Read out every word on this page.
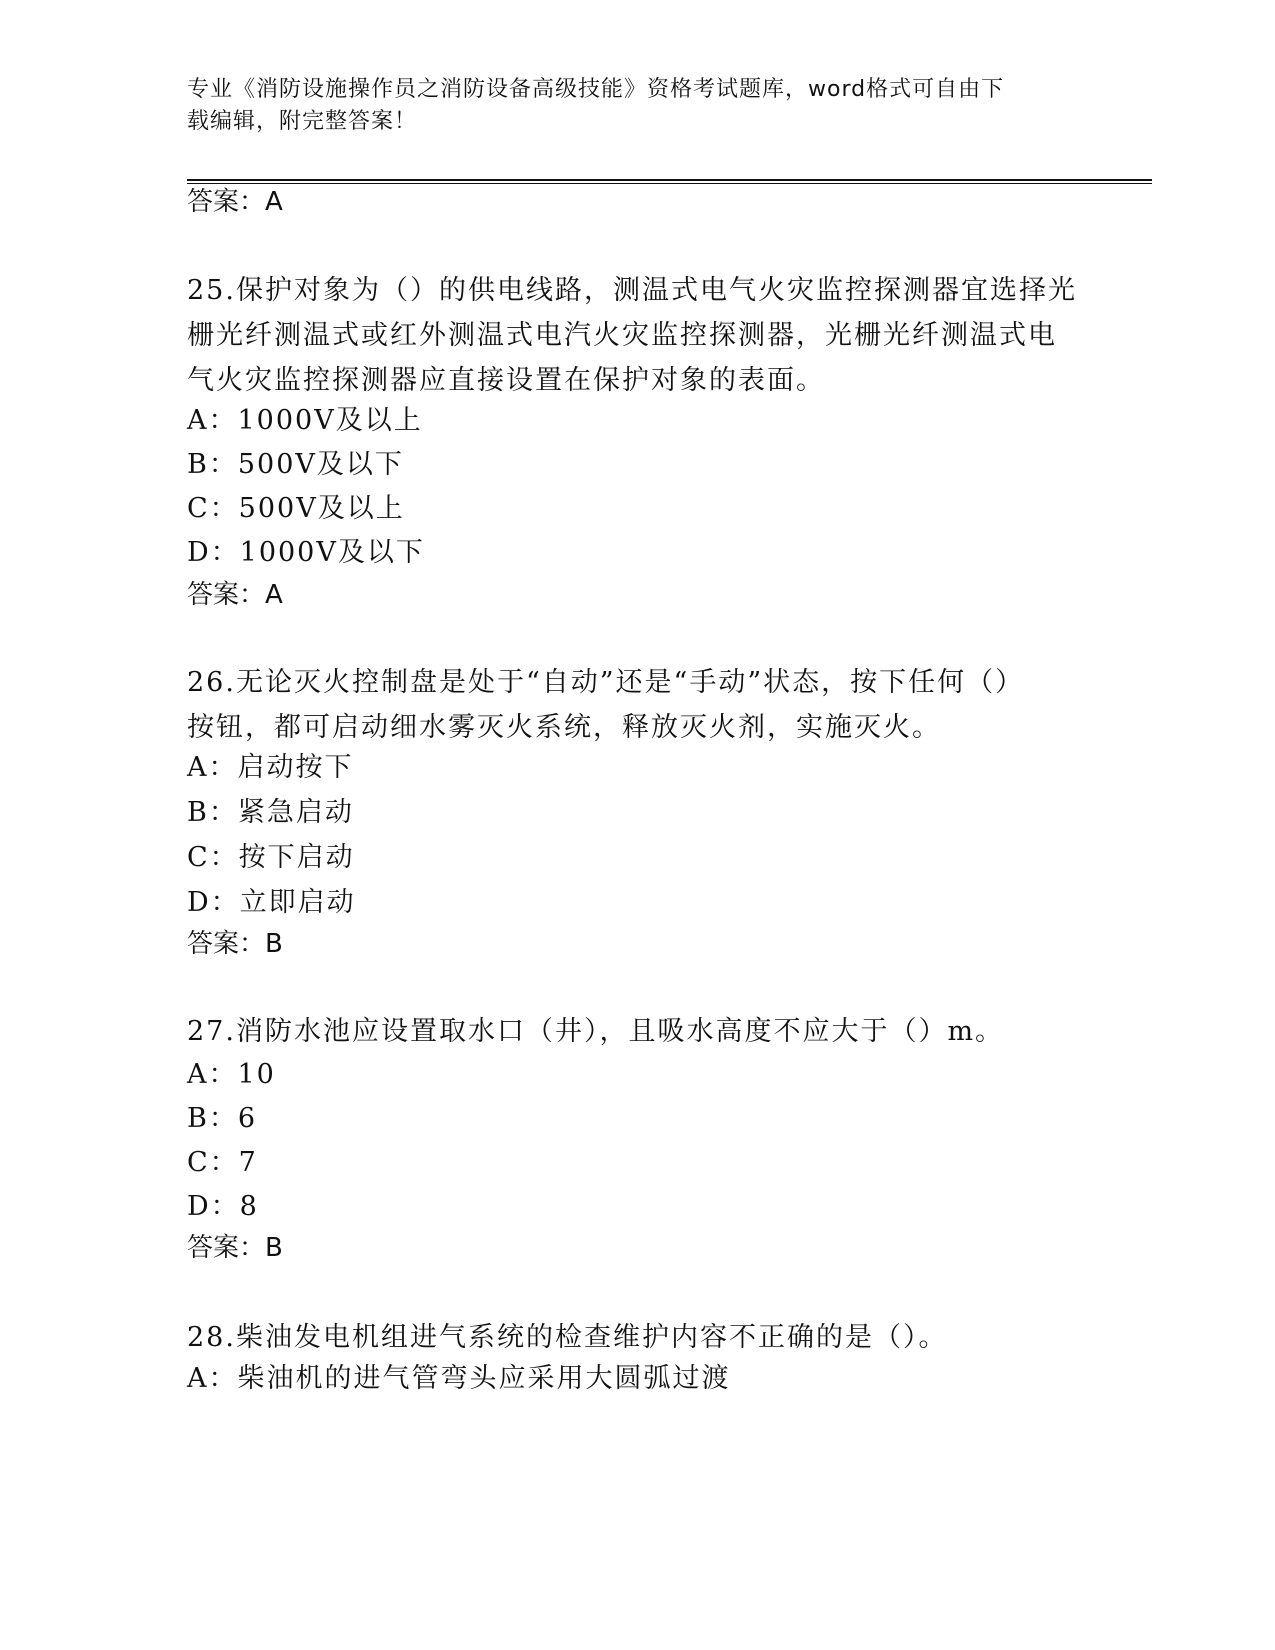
专业《消防设施操作员之消防设备高级技能》资格考试题库，word格式可自由下
载编辑，附完整答案！
答案：A
25.保护对象为（）的供电线路，测温式电气火灾监控探测器宜选择光
栅光纤测温式或红外测温式电汽火灾监控探测器，光栅光纤测温式电
气火灾监控探测器应直接设置在保护对象的表面。
A：1000V及以上
B：500V及以下
C：500V及以上
D：1000V及以下
答案：A
26.无论灭火控制盘是处于“自动”还是“手动”状态，按下任何（）
按钮，都可启动细水雾灭火系统，释放灭火剂，实施灭火。
A：启动按下
B：紧急启动
C：按下启动
D：立即启动
答案：B
27.消防水池应设置取水口（井），且吸水高度不应大于（）m。
A：10
B：6
C：7
D：8
答案：B
28.柴油发电机组进气系统的检查维护内容不正确的是（）。
A：柴油机的进气管弯头应采用大圆弧过渡
